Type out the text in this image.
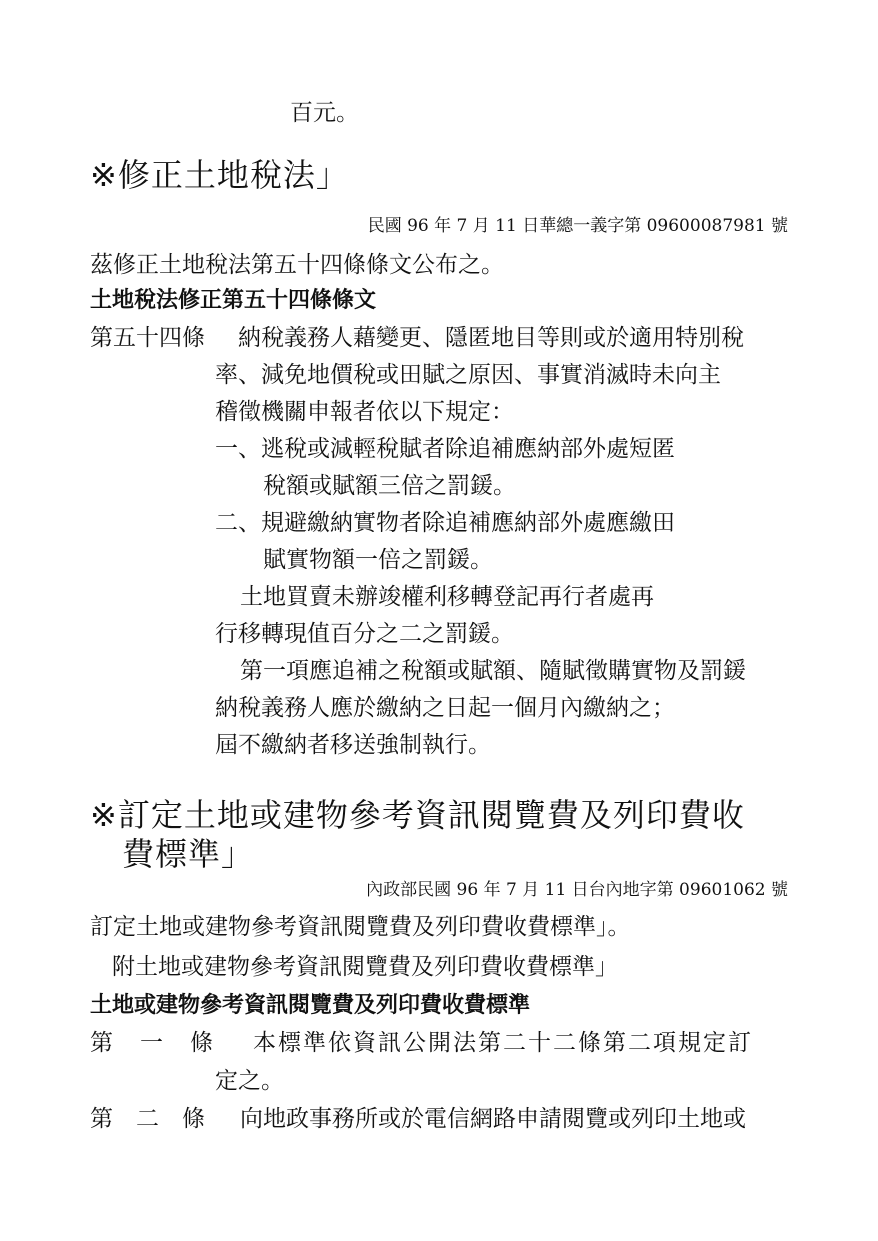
百元。
※修正土地稅法」
民國 96 年 7 月 11 日華總一義字第 09600087981 號
茲修正土地稅法第五十四條條文公布之。
土地稅法修正第五十四條條文
第五十四條 納稅義務人藉變更、隱匿地目等則或於適用特別稅
率、減免地價稅或田賦之原因、事實消滅時未向主
稽徵機關申報者依以下規定：
一、逃稅或減輕稅賦者除追補應納部外處短匿
稅額或賦額三倍之罰鍰。
二、規避繳納實物者除追補應納部外處應繳田
賦實物額一倍之罰鍰。
土地買賣未辦竣權利移轉登記再行者處再
行移轉現值百分之二之罰鍰。
第一項應追補之稅額或賦額、隨賦徵購實物及罰鍰
納稅義務人應於繳納之日起一個月內繳納之；
屆不繳納者移送強制執行。
※訂定土地或建物參考資訊閱覽費及列印費收
費標準」
內政部民國 96 年 7 月 11 日台內地字第 09601062 號
訂定土地或建物參考資訊閱覽費及列印費收費標準」。
附土地或建物參考資訊閱覽費及列印費收費標準」
土地或建物參考資訊閱覽費及列印費收費標準
第　一　條 本標準依資訊公開法第二十二條第二項規定訂
定之。
第　二　條 向地政事務所或於電信網路申請閱覽或列印土地或
